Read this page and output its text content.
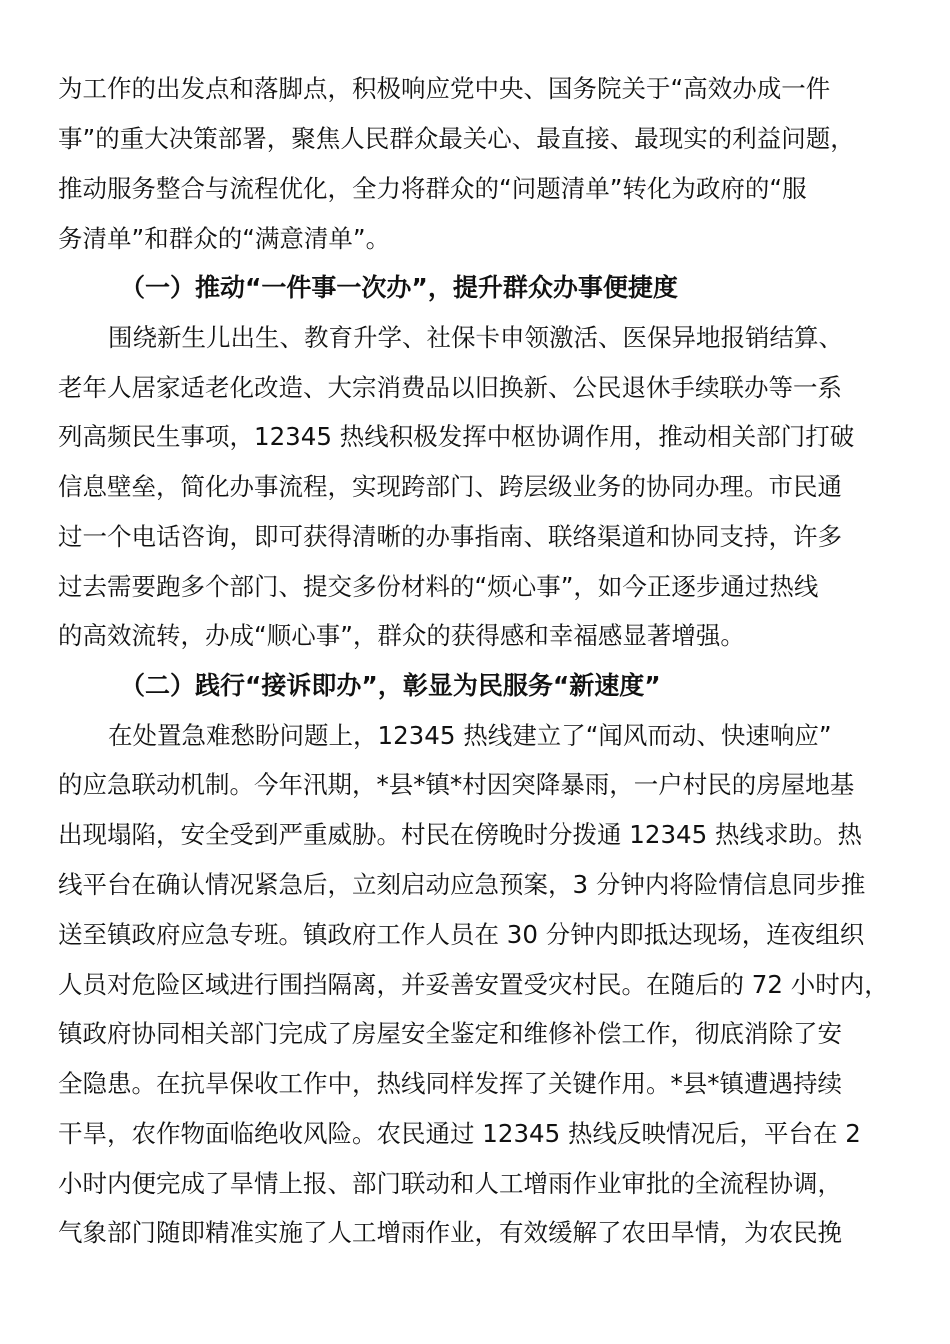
为工作的出发点和落脚点，积极响应党中央、国务院关于“高效办成一件
事”的重大决策部署，聚焦人民群众最关心、最直接、最现实的利益问题，
推动服务整合与流程优化，全力将群众的“问题清单”转化为政府的“服
务清单”和群众的“满意清单”。
（一）推动“一件事一次办”，提升群众办事便捷度
围绕新生儿出生、教育升学、社保卡申领激活、医保异地报销结算、
老年人居家适老化改造、大宗消费品以旧换新、公民退休手续联办等一系
列高频民生事项，12345 热线积极发挥中枢协调作用，推动相关部门打破
信息壁垒，简化办事流程，实现跨部门、跨层级业务的协同办理。市民通
过一个电话咨询，即可获得清晰的办事指南、联络渠道和协同支持，许多
过去需要跑多个部门、提交多份材料的“烦心事”，如今正逐步通过热线
的高效流转，办成“顺心事”，群众的获得感和幸福感显著增强。
（二）践行“接诉即办”，彰显为民服务“新速度”
在处置急难愁盼问题上，12345 热线建立了“闻风而动、快速响应”
的应急联动机制。今年汛期，*县*镇*村因突降暴雨，一户村民的房屋地基
出现塌陷，安全受到严重威胁。村民在傍晚时分拨通 12345 热线求助。热
线平台在确认情况紧急后，立刻启动应急预案，3 分钟内将险情信息同步推
送至镇政府应急专班。镇政府工作人员在 30 分钟内即抵达现场，连夜组织
人员对危险区域进行围挡隔离，并妥善安置受灾村民。在随后的 72 小时内，
镇政府协同相关部门完成了房屋安全鉴定和维修补偿工作，彻底消除了安
全隐患。在抗旱保收工作中，热线同样发挥了关键作用。*县*镇遭遇持续
干旱，农作物面临绝收风险。农民通过 12345 热线反映情况后，平台在 2
小时内便完成了旱情上报、部门联动和人工增雨作业审批的全流程协调，
气象部门随即精准实施了人工增雨作业，有效缓解了农田旱情，为农民挽
